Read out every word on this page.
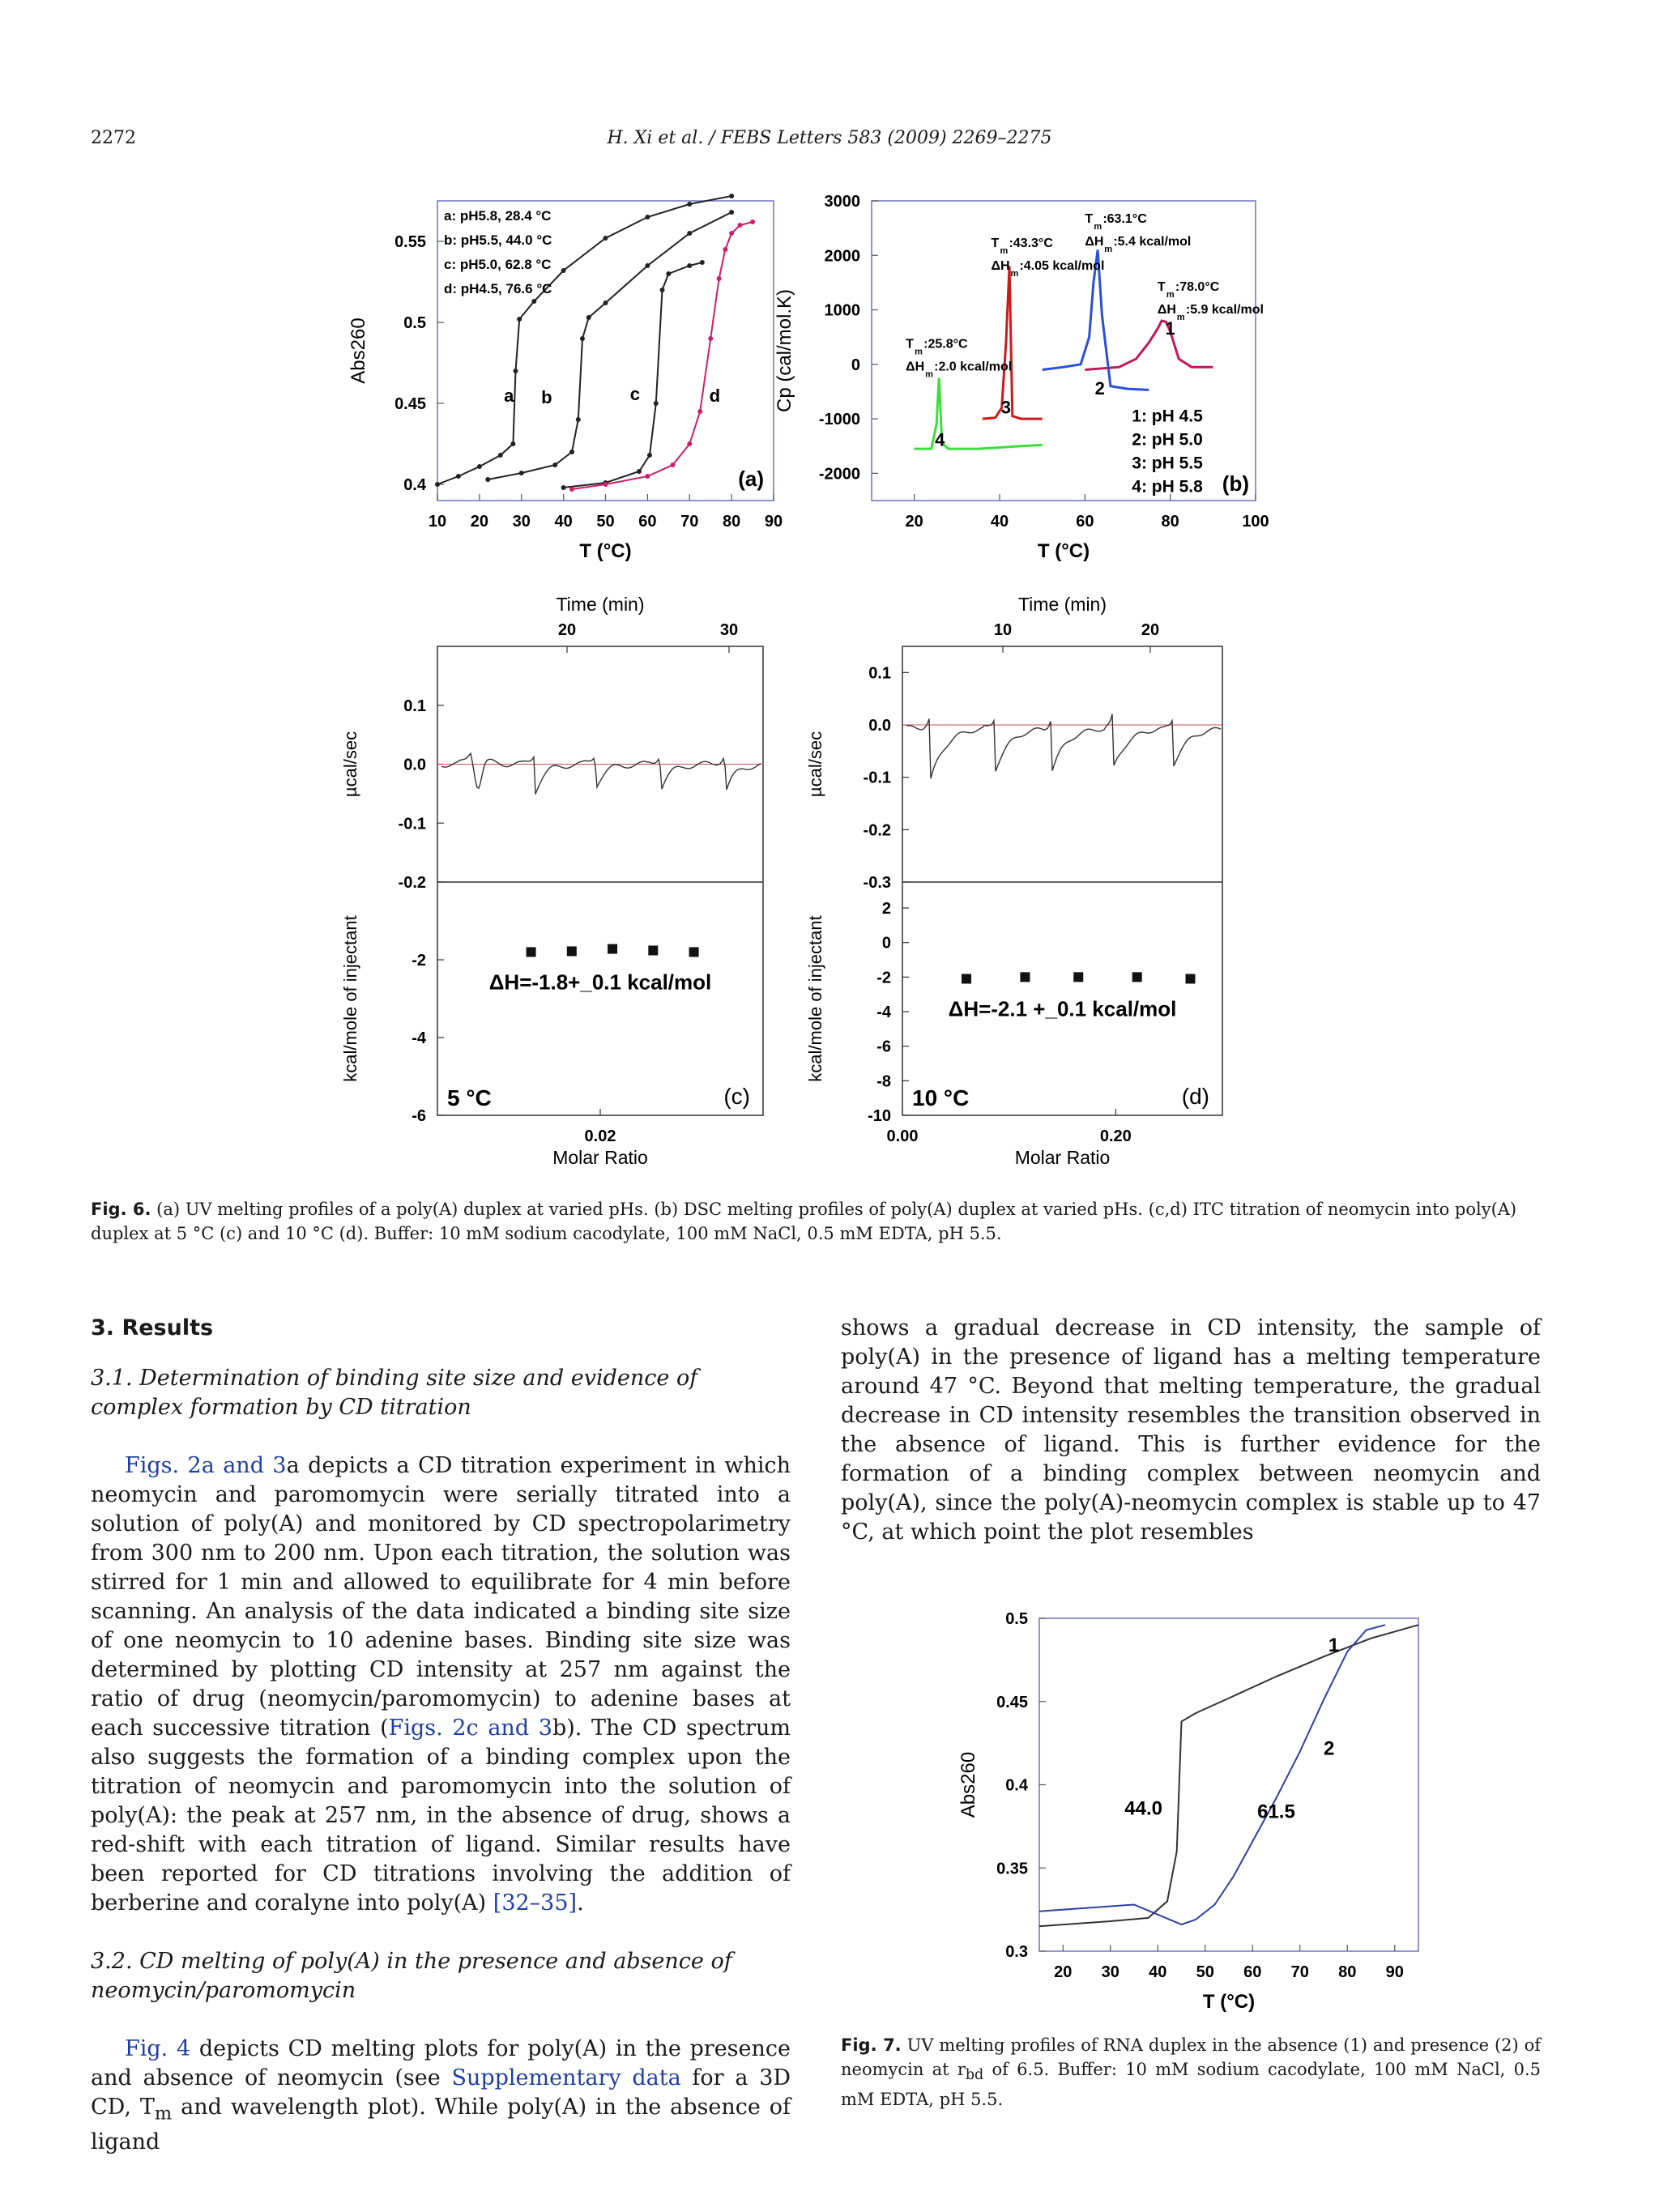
2272	H. Xi et al. / FEBS Letters 583 (2009) 2269–2275
10 20 30 40 50 60 70 80 90
0.4
0.45
0.5
0.55
a b	c	d
a: pH5.8, 28.4 °C
b: pH5.5, 44.0 °C
c: pH5.0, 62.8 °C
d: pH4.5, 76.6 °C
(a)
T (°C)
Abs260
20	40	60	80	100
3000
2000
1000
0
-1000
-2000
1
2
3
4
1: pH 4.5
2: pH 5.0
3: pH 5.5
4: pH 5.8
T
m
:63.1°C
ΔH
m
:5.4 kcal/mol
T
m
:43.3°C
ΔH
m
:4.05 kcal/mol
T
m
:78.0°C
ΔH
m
:5.9 kcal/mol
T
m
:25.8°C
ΔH
m
:2.0 kcal/mol
(b)
T (°C)
Cp (cal/mol.K)
20	30
Time (min)
0.1
0.0
-0.1
-0.2
µcal/sec
-2
-4
-6
0.02
ΔH=-1.8+_0.1 kcal/mol
5 °C	(c)
Molar Ratio
kcal/mole of injectant
10	20
Time (min)
0.1
0.0
-0.1
-0.2
-0.3
µcal/sec
2
0
-2
-4
-6
-8
-10
0.00	0.20
ΔH=-2.1 +_0.1 kcal/mol
10 °C	(d)
Molar Ratio
kcal/mole of injectant
20 30 40 50 60 70 80 90
0.5
0.45
0.4
0.35
0.3
1
2
44.0	61.5
T (°C)
Abs260
Fig. 6. (a) UV melting profiles of a poly(A) duplex at varied pHs. (b) DSC melting profiles of poly(A) duplex at varied pHs. (c,d) ITC titration of neomycin into poly(A) duplex at 5 °C (c) and 10 °C (d). Buffer: 10 mM sodium cacodylate, 100 mM NaCl, 0.5 mM EDTA, pH 5.5.
Fig. 7. UV melting profiles of RNA duplex in the absence (1) and presence (2) of neomycin at $r_{bd}$ of 6.5. Buffer: 10 mM sodium cacodylate, 100 mM NaCl, 0.5 mM EDTA, pH 5.5.
3. Results
3.1. Determination of binding site size and evidence of complex formation by CD titration
Figs. 2a and 3a depicts a CD titration experiment in which neomycin and paromomycin were serially titrated into a solution of poly(A) and monitored by CD spectropolarimetry from 300 nm to 200 nm. Upon each titration, the solution was stirred for 1 min and allowed to equilibrate for 4 min before scanning. An analysis of the data indicated a binding site size of one neomycin to 10 adenine bases. Binding site size was determined by plotting CD intensity at 257 nm against the ratio of drug (neomycin/paromomycin) to adenine bases at each successive titration (Figs. 2c and 3b). The CD spectrum also suggests the formation of a binding complex upon the titration of neomycin and paromomycin into the solution of poly(A): the peak at 257 nm, in the absence of drug, shows a red-shift with each titration of ligand. Similar results have been reported for CD titrations involving the addition of berberine and coralyne into poly(A) [32–35].
3.2. CD melting of poly(A) in the presence and absence of neomycin/paromomycin
Fig. 4 depicts CD melting plots for poly(A) in the presence and absence of neomycin (see Supplementary data for a 3D CD, $T_m$ and wavelength plot). While poly(A) in the absence of ligand
shows a gradual decrease in CD intensity, the sample of poly(A) in the presence of ligand has a melting temperature around 47 °C. Beyond that melting temperature, the gradual decrease in CD intensity resembles the transition observed in the absence of ligand. This is further evidence for the formation of a binding complex between neomycin and poly(A), since the poly(A)-neomycin complex is stable up to 47 °C, at which point the plot resembles
